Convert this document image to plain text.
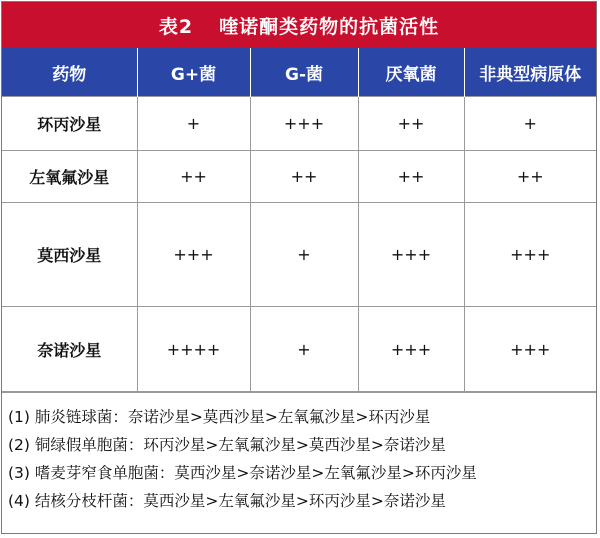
表2 喹诺酮类药物的抗菌活性
药物	G+菌	G-菌	厌氧菌	非典型病原体
环丙沙星	+	+++	++	+
左氧氟沙星	++	++	++	++
莫西沙星	+++	+	+++	+++
奈诺沙星	++++	+	+++	+++
(1) 肺炎链球菌：奈诺沙星>莫西沙星>左氧氟沙星>环丙沙星
(2) 铜绿假单胞菌：环丙沙星>左氧氟沙星>莫西沙星>奈诺沙星
(3) 嗜麦芽窄食单胞菌：莫西沙星>奈诺沙星>左氧氟沙星>环丙沙星
(4) 结核分枝杆菌：莫西沙星>左氧氟沙星>环丙沙星>奈诺沙星
